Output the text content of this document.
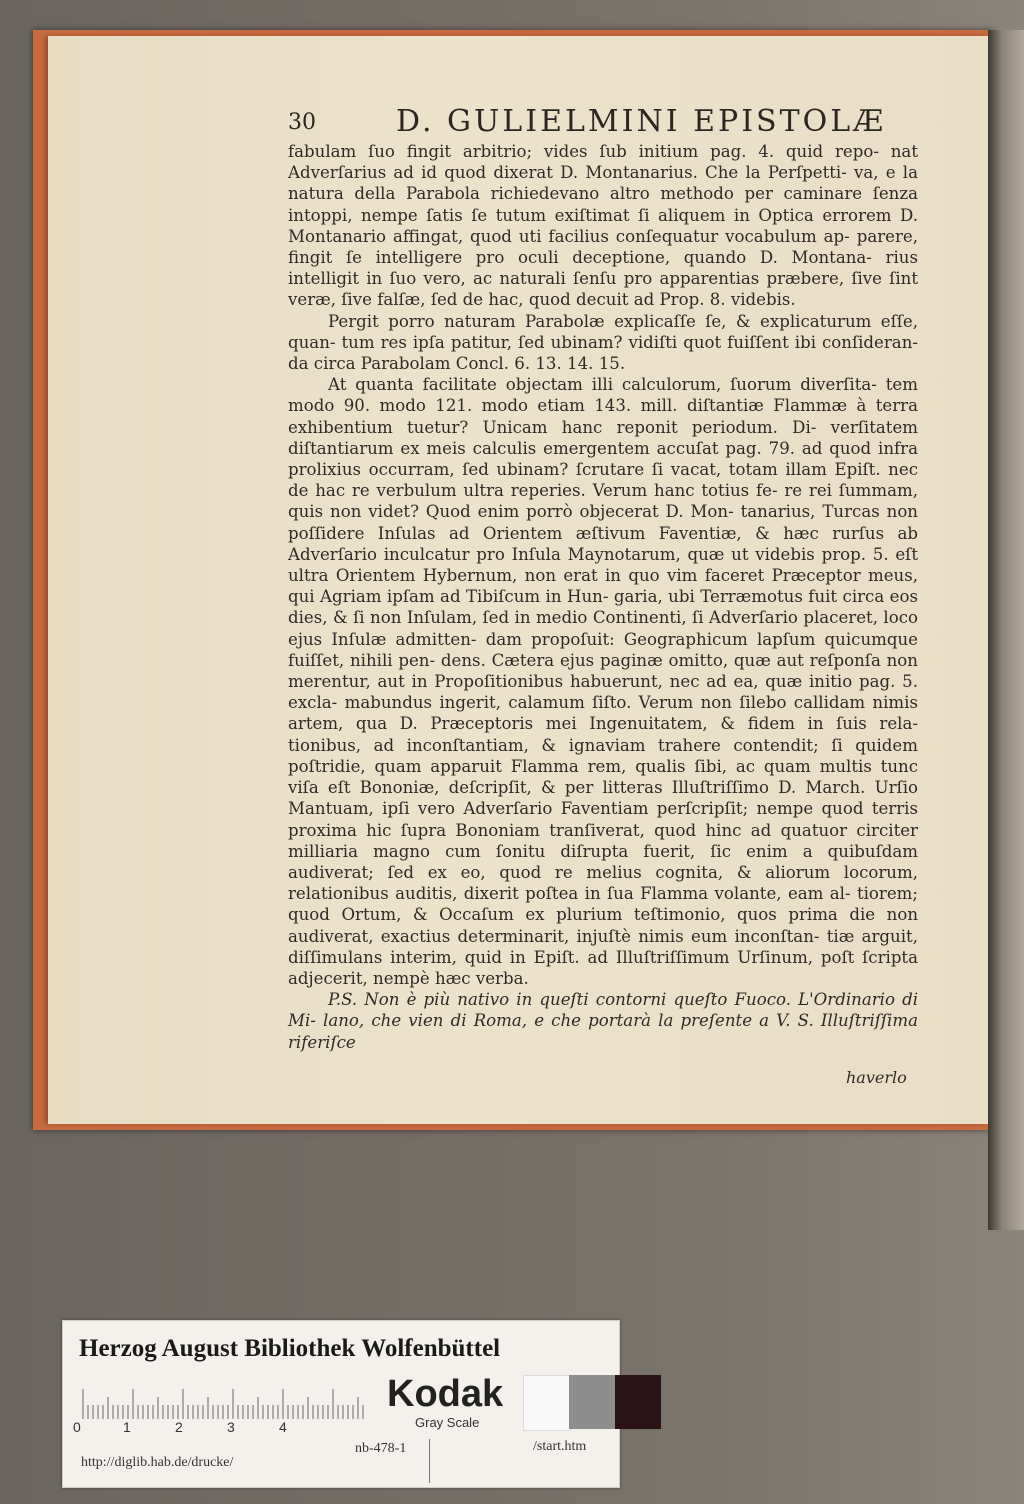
30	D. GULIELMINI EPISTOLÆ

fabulam ſuo fingit arbitrio; vides ſub initium pag. 4. quid repo- nat Adverſarius ad id quod dixerat D. Montanarius. Che la Perſpetti- va, e la natura della Parabola richiedevano altro methodo per caminare ſenza intoppi, nempe ſatis ſe tutum exiſtimat ſi aliquem in Optica errorem D. Montanario affingat, quod uti facilius conſequatur vocabulum ap- parere, fingit ſe intelligere pro oculi deceptione, quando D. Montana- rius intelligit in ſuo vero, ac naturali ſenſu pro apparentias præbere, ſive ſint veræ, ſive falſæ, ſed de hac, quod decuit ad Prop. 8. videbis.

Pergit porro naturam Parabolæ explicaſſe ſe, & explicaturum eſſe, quan- tum res ipſa patitur, ſed ubinam? vidiſti quot fuiſſent ibi conſideran- da circa Parabolam Concl. 6. 13. 14. 15.

At quanta facilitate objectam illi calculorum, ſuorum diverſita- tem modo 90. modo 121. modo etiam 143. mill. diſtantiæ Flammæ à terra exhibentium tuetur? Unicam hanc reponit periodum. Di- verſitatem diſtantiarum ex meis calculis emergentem accuſat pag. 79. ad quod infra prolixius occurram, ſed ubinam? ſcrutare ſi vacat, totam illam Epiſt. nec de hac re verbulum ultra reperies. Verum hanc totius fe- re rei ſummam, quis non videt? Quod enim porrò objecerat D. Mon- tanarius, Turcas non poſſidere Inſulas ad Orientem æſtivum Faventiæ, & hæc rurſus ab Adverſario inculcatur pro Inſula Maynotarum, quæ ut videbis prop. 5. eſt ultra Orientem Hybernum, non erat in quo vim faceret Præceptor meus, qui Agriam ipſam ad Tibiſcum in Hun- garia, ubi Terræmotus fuit circa eos dies, & ſi non Inſulam, ſed in medio Continenti, ſi Adverſario placeret, loco ejus Inſulæ admitten- dam propoſuit: Geographicum lapſum quicumque fuiſſet, nihili pen- dens. Cætera ejus paginæ omitto, quæ aut reſponſa non merentur, aut in Propoſitionibus habuerunt, nec ad ea, quæ initio pag. 5. excla- mabundus ingerit, calamum ſiſto. Verum non ſilebo callidam nimis artem, qua D. Præceptoris mei Ingenuitatem, & fidem in ſuis rela- tionibus, ad inconſtantiam, & ignaviam trahere contendit; ſi quidem poſtridie, quam apparuit Flamma rem, qualis ſibi, ac quam multis tunc viſa eſt Bononiæ, deſcripſit, & per litteras Illuſtriſſimo D. March. Urſio Mantuam, ipſi vero Adverſario Faventiam perſcripſit; nempe quod terris proxima hic ſupra Bononiam tranſiverat, quod hinc ad quatuor circiter milliaria magno cum ſonitu diſrupta fuerit, ſic enim a quibuſdam audiverat; ſed ex eo, quod re melius cognita, & aliorum locorum, relationibus auditis, dixerit poſtea in ſua Flamma volante, eam al- tiorem; quod Ortum, & Occaſum ex plurium teſtimonio, quos prima die non audiverat, exactius determinarit, injuſtè nimis eum inconſtan- tiæ arguit, diſſimulans interim, quid in Epiſt. ad Illuſtriſſimum Urſinum, poſt ſcripta adjecerit, nempè hæc verba.

P.S. Non è più nativo in queſti contorni queſto Fuoco. L'Ordinario di Mi- lano, che vien di Roma, e che portarà la preſente a V. S. Illuſtriſſima riferiſce

haverlo
Herzog August Bibliothek Wolfenbüttel
0	1	2	3	4
Kodak
Gray Scale
http://diglib.hab.de/drucke/
nb-478-1	/start.htm
